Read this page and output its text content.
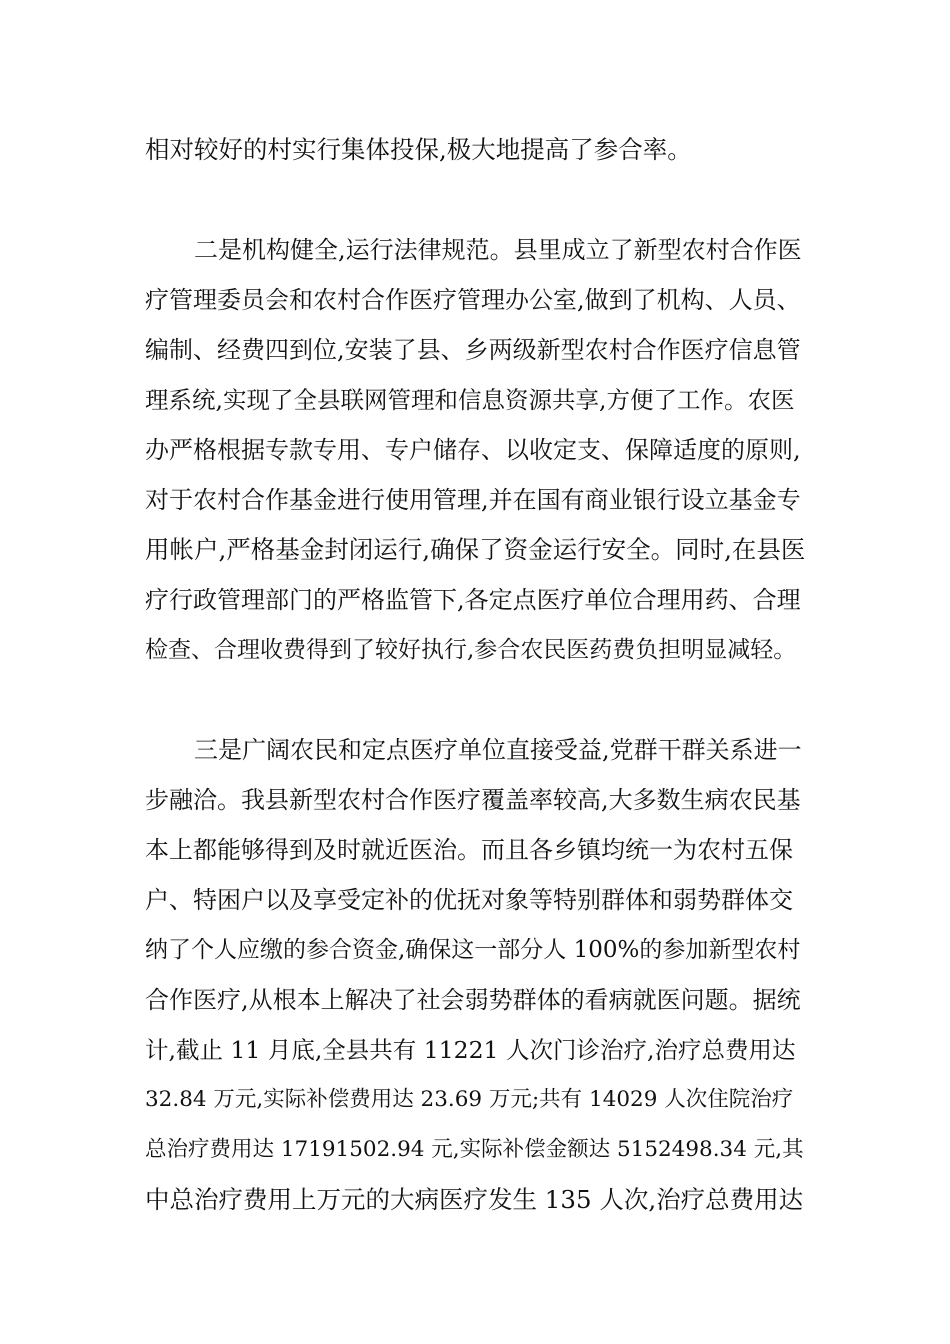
相对较好的村实行集体投保,极大地提高了参合率。
二是机构健全,运行法律规范。县里成立了新型农村合作医
疗管理委员会和农村合作医疗管理办公室,做到了机构、人员、
编制、经费四到位,安装了县、乡两级新型农村合作医疗信息管
理系统,实现了全县联网管理和信息资源共享,方便了工作。农医
办严格根据专款专用、专户储存、以收定支、保障适度的原则,
对于农村合作基金进行使用管理,并在国有商业银行设立基金专
用帐户,严格基金封闭运行,确保了资金运行安全。同时,在县医
疗行政管理部门的严格监管下,各定点医疗单位合理用药、合理
检查、合理收费得到了较好执行,参合农民医药费负担明显减轻。
三是广阔农民和定点医疗单位直接受益,党群干群关系进一
步融洽。我县新型农村合作医疗覆盖率较高,大多数生病农民基
本上都能够得到及时就近医治。而且各乡镇均统一为农村五保
户、特困户以及享受定补的优抚对象等特别群体和弱势群体交
纳了个人应缴的参合资金,确保这一部分人 100%的参加新型农村
合作医疗,从根本上解决了社会弱势群体的看病就医问题。据统
计,截止 11 月底,全县共有 11221 人次门诊治疗,治疗总费用达
32.84 万元,实际补偿费用达 23.69 万元;共有 14029 人次住院治疗
总治疗费用达 17191502.94 元,实际补偿金额达 5152498.34 元,其
中总治疗费用上万元的大病医疗发生 135 人次,治疗总费用达
